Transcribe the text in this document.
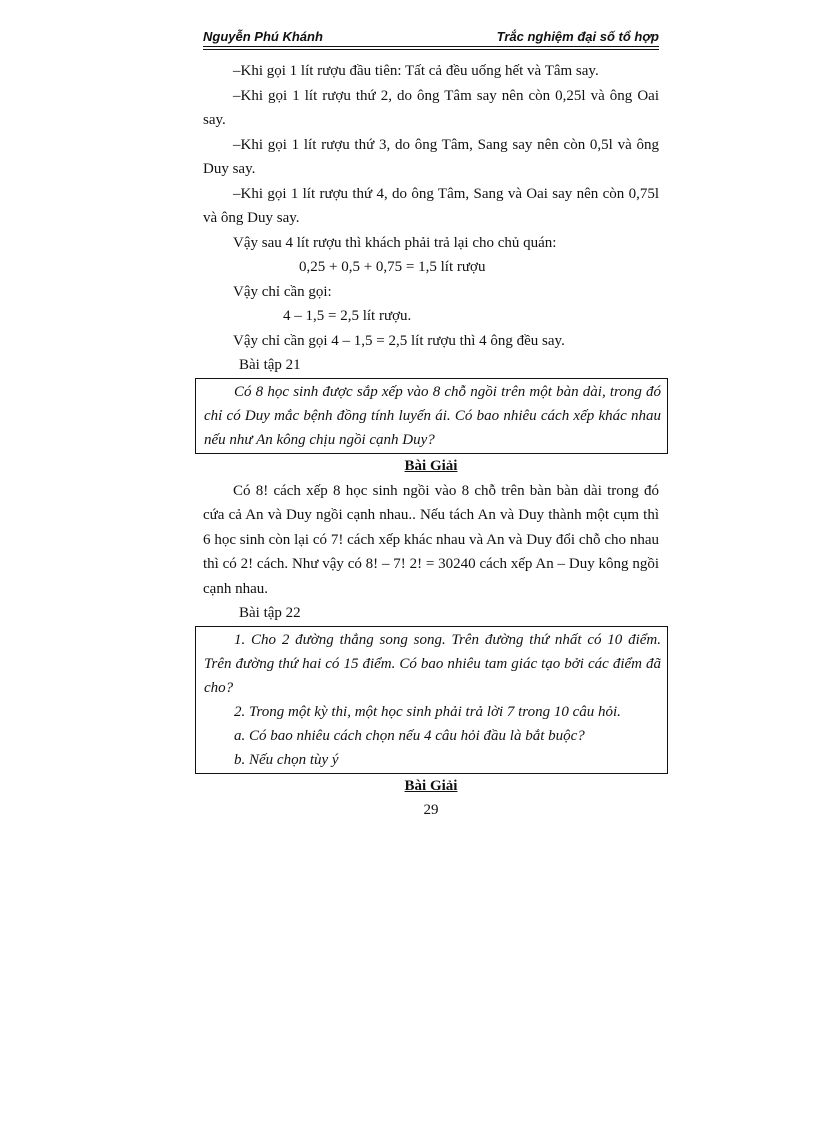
Nguyễn Phú Khánh	Trắc nghiệm đại số tổ hợp

–Khi gọi 1 lít rượu đầu tiên: Tất cả đều uống hết và Tâm say.

–Khi gọi 1 lít rượu thứ 2, do ông Tâm say nên còn 0,25l và ông Oai say.

–Khi gọi 1 lít rượu thứ 3, do ông Tâm, Sang say nên còn 0,5l và ông Duy say.

–Khi gọi 1 lít rượu thứ 4, do ông Tâm, Sang và Oai say nên còn 0,75l và ông Duy say.

Vậy sau 4 lít rượu thì khách phải trả lại cho chủ quán:

0,25 + 0,5 + 0,75 = 1,5 lít rượu

Vậy chỉ cần gọi:

4 – 1,5 = 2,5 lít rượu.

Vậy chỉ cần gọi 4 – 1,5 = 2,5 lít rượu thì 4 ông đều say.

Bài tập 21

Có 8 học sinh được sắp xếp vào 8 chỗ ngồi trên một bàn dài, trong đó chỉ có Duy mắc bệnh đồng tính luyến ái. Có bao nhiêu cách xếp khác nhau nếu như An kông chịu ngồi cạnh Duy?

Bài Giải

Có 8! cách xếp 8 học sinh ngồi vào 8 chỗ trên bàn bàn dài trong đó cứa cả An và Duy ngồi cạnh nhau.. Nếu tách An và Duy thành một cụm thì 6 học sinh còn lại có 7! cách xếp khác nhau và An và Duy đổi chỗ cho nhau thì có 2! cách. Như vậy có 8! – 7! 2! = 30240 cách xếp An – Duy kông ngồi cạnh nhau.

Bài tập 22

1. Cho 2 đường thẳng song song. Trên đường thứ nhất có 10 điểm. Trên đường thứ hai có 15 điểm. Có bao nhiêu tam giác tạo bởi các điểm đã cho?

2. Trong một kỳ thi, một học sinh phải trả lời 7 trong 10 câu hỏi.

a. Có bao nhiêu cách chọn nếu 4 câu hỏi đầu là bắt buộc?

b. Nếu chọn tùy ý

Bài Giải

29
